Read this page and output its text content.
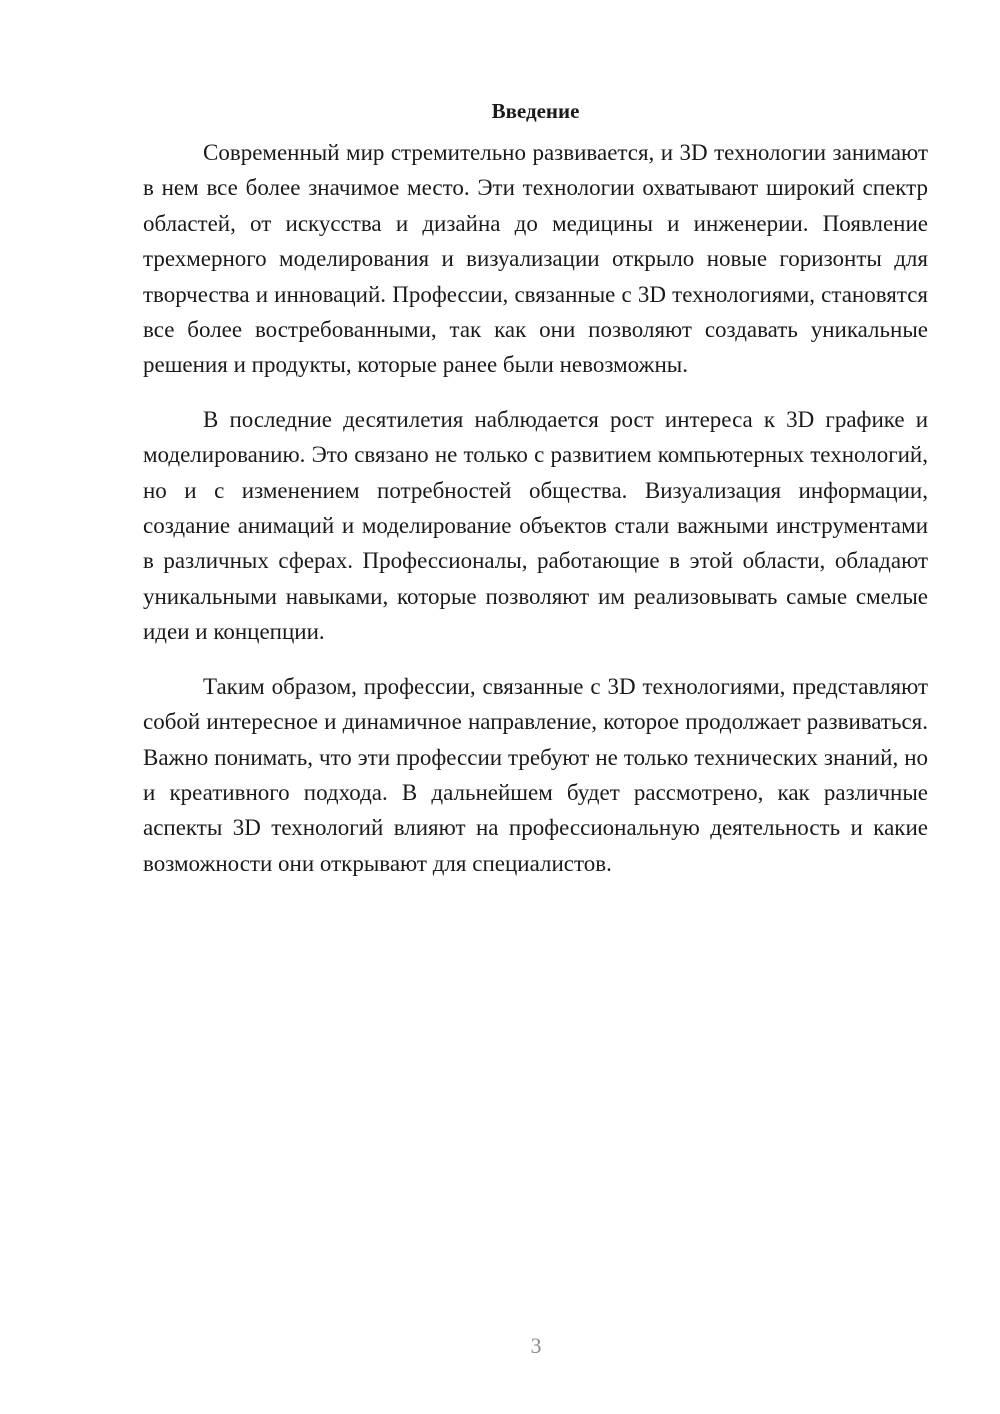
Введение

Современный мир стремительно развивается, и 3D технологии занимают в нем все более значимое место. Эти технологии охватывают широкий спектр областей, от искусства и дизайна до медицины и инженерии. Появление трехмерного моделирования и визуализации открыло новые горизонты для творчества и инноваций. Профессии, связанные с 3D технологиями, становятся все более востребованными, так как они позволяют создавать уникальные решения и продукты, которые ранее были невозможны.

В последние десятилетия наблюдается рост интереса к 3D графике и моделированию. Это связано не только с развитием компьютерных технологий, но и с изменением потребностей общества. Визуализация информации, создание анимаций и моделирование объектов стали важными инструментами в различных сферах. Профессионалы, работающие в этой области, обладают уникальными навыками, которые позволяют им реализовывать самые смелые идеи и концепции.

Таким образом, профессии, связанные с 3D технологиями, представляют собой интересное и динамичное направление, которое продолжает развиваться. Важно понимать, что эти профессии требуют не только технических знаний, но и креативного подхода. В дальнейшем будет рассмотрено, как различные аспекты 3D технологий влияют на профессиональную деятельность и какие возможности они открывают для специалистов.

3
